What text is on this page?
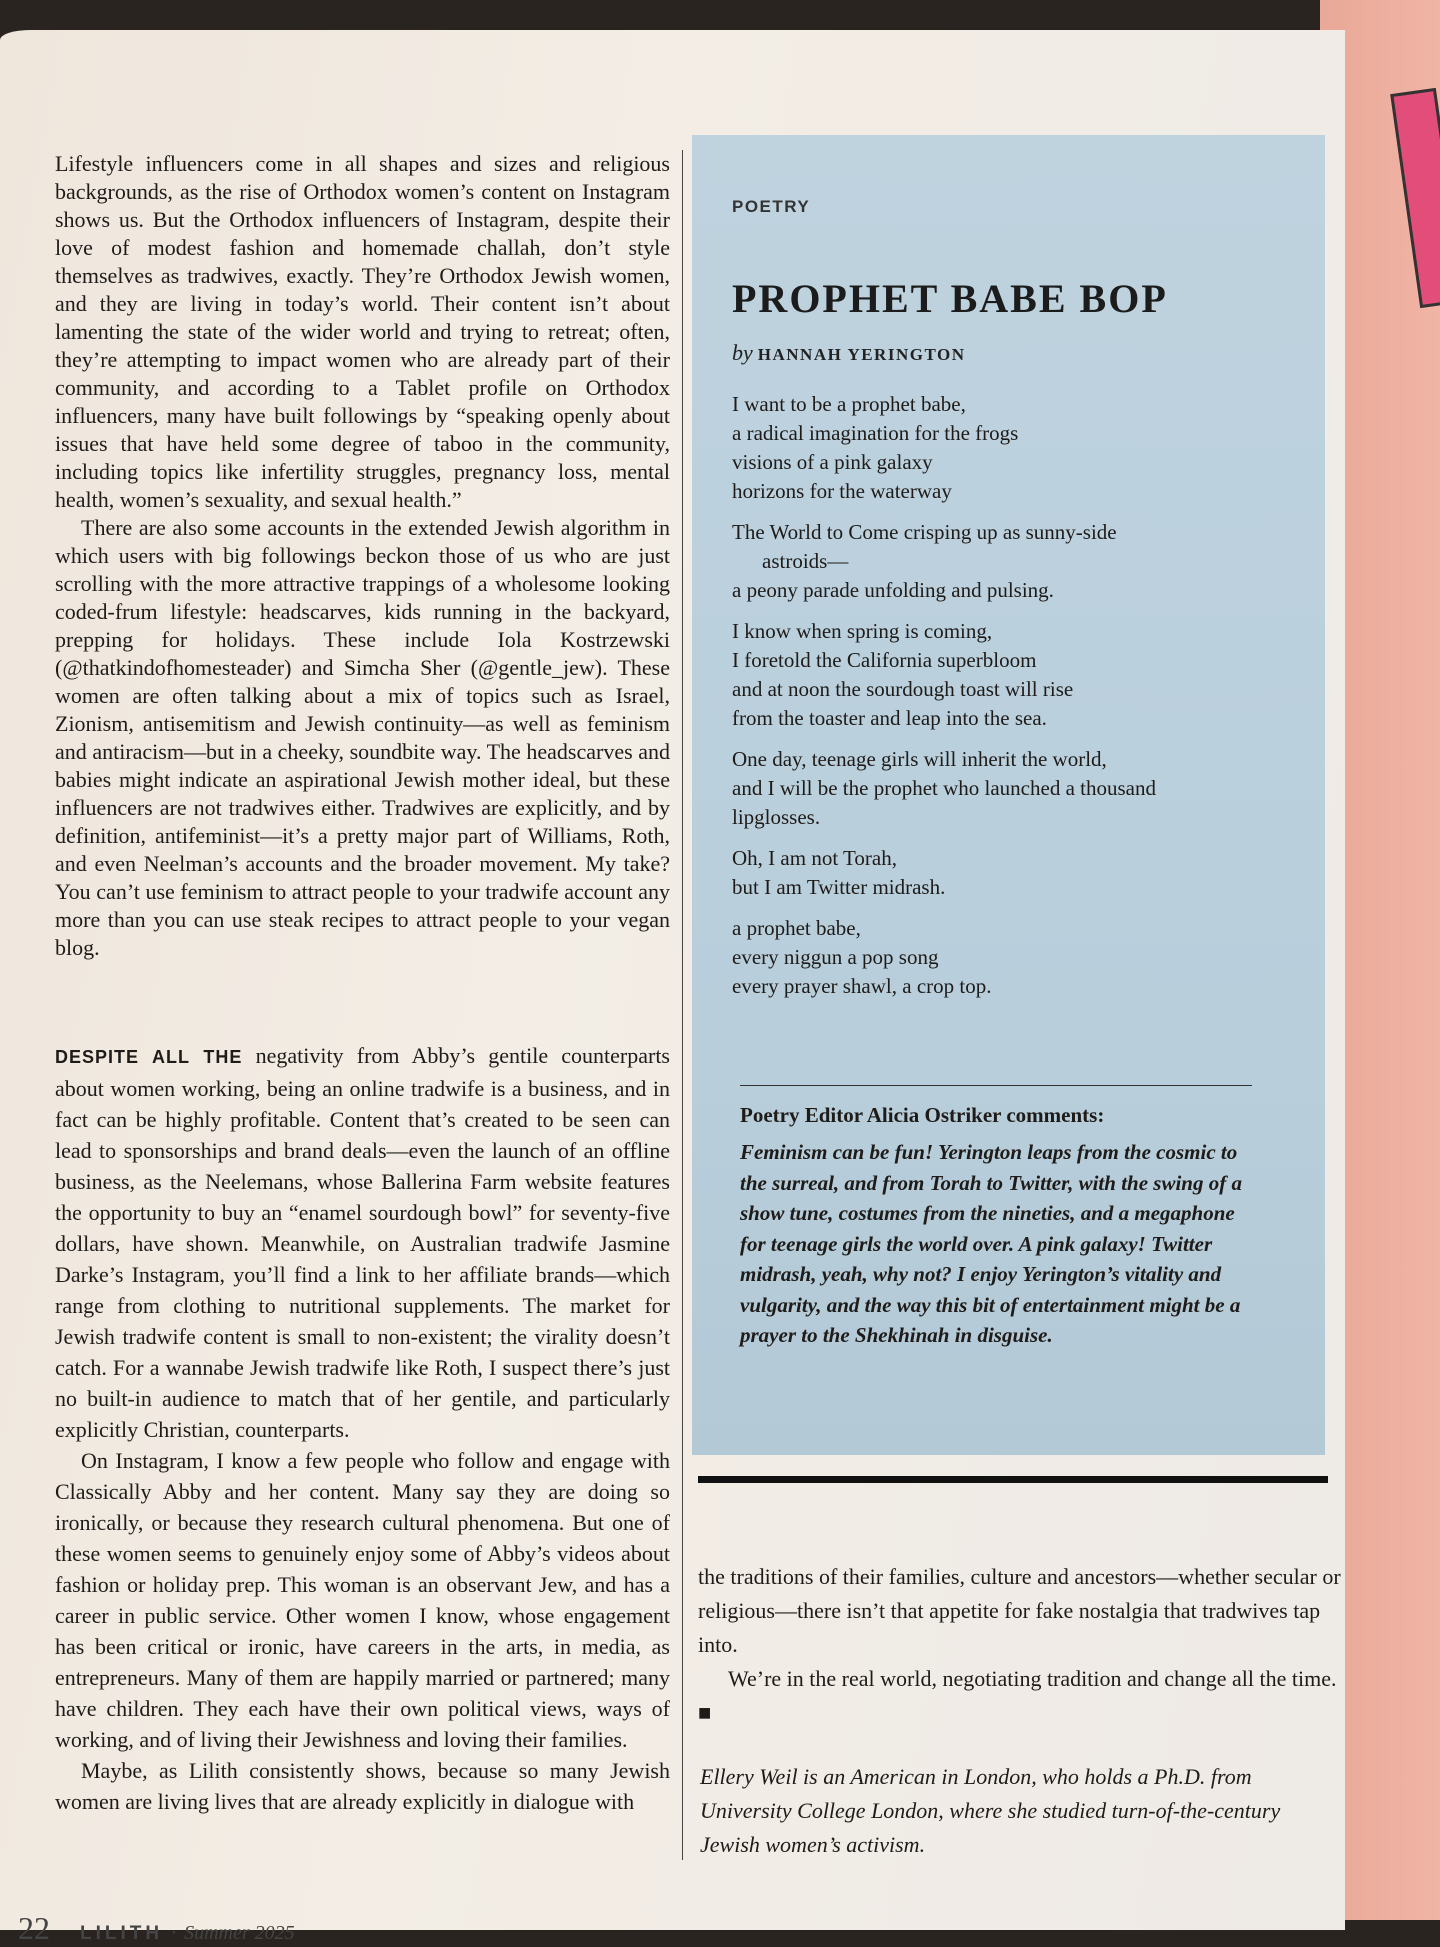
Lifestyle influencers come in all shapes and sizes and religious backgrounds, as the rise of Orthodox women’s content on Instagram shows us. But the Orthodox influencers of Instagram, despite their love of modest fashion and homemade challah, don’t style themselves as tradwives, exactly. They’re Orthodox Jewish women, and they are living in today’s world. Their content isn’t about lamenting the state of the wider world and trying to retreat; often, they’re attempting to impact women who are already part of their community, and according to a Tablet profile on Orthodox influencers, many have built followings by “speaking openly about issues that have held some degree of taboo in the community, including topics like infertility struggles, pregnancy loss, mental health, women’s sexuality, and sexual health.”

There are also some accounts in the extended Jewish algorithm in which users with big followings beckon those of us who are just scrolling with the more attractive trappings of a wholesome looking coded-frum lifestyle: headscarves, kids running in the backyard, prepping for holidays. These include Iola Kostrzewski (@thatkindofhomesteader) and Simcha Sher (@gentle_jew). These women are often talking about a mix of topics such as Israel, Zionism, antisemitism and Jewish continuity—as well as feminism and antiracism—but in a cheeky, soundbite way. The headscarves and babies might indicate an aspirational Jewish mother ideal, but these influencers are not tradwives either. Tradwives are explicitly, and by definition, antifeminist—it’s a pretty major part of Williams, Roth, and even Neelman’s accounts and the broader movement. My take? You can’t use feminism to attract people to your tradwife account any more than you can use steak recipes to attract people to your vegan blog.

DESPITE ALL THE negativity from Abby’s gentile counterparts about women working, being an online tradwife is a business, and in fact can be highly profitable. Content that’s created to be seen can lead to sponsorships and brand deals—even the launch of an offline business, as the Neelemans, whose Ballerina Farm website features the opportunity to buy an “enamel sourdough bowl” for seventy-five dollars, have shown. Meanwhile, on Australian tradwife Jasmine Darke’s Instagram, you’ll find a link to her affiliate brands—which range from clothing to nutritional supplements. The market for Jewish tradwife content is small to non-existent; the virality doesn’t catch. For a wannabe Jewish tradwife like Roth, I suspect there’s just no built-in audience to match that of her gentile, and particularly explicitly Christian, counterparts.

On Instagram, I know a few people who follow and engage with Classically Abby and her content. Many say they are doing so ironically, or because they research cultural phenomena. But one of these women seems to genuinely enjoy some of Abby’s videos about fashion or holiday prep. This woman is an observant Jew, and has a career in public service. Other women I know, whose engagement has been critical or ironic, have careers in the arts, in media, as entrepreneurs. Many of them are happily married or partnered; many have children. They each have their own political views, ways of working, and of living their Jewishness and loving their families.

Maybe, as Lilith consistently shows, because so many Jewish women are living lives that are already explicitly in dialogue with

POETRY
PROPHET BABE BOP
by HANNAH YERINGTON
I want to be a prophet babe,
a radical imagination for the frogs
visions of a pink galaxy
horizons for the waterway
The World to Come crisping up as sunny-side
astroids—
a peony parade unfolding and pulsing.
I know when spring is coming,
I foretold the California superbloom
and at noon the sourdough toast will rise
from the toaster and leap into the sea.
One day, teenage girls will inherit the world,
and I will be the prophet who launched a thousand
lipglosses.
Oh, I am not Torah,
but I am Twitter midrash.
a prophet babe,
every niggun a pop song
every prayer shawl, a crop top.
Poetry Editor Alicia Ostriker comments:
Feminism can be fun! Yerington leaps from the cosmic to the surreal, and from Torah to Twitter, with the swing of a show tune, costumes from the nineties, and a megaphone for teenage girls the world over. A pink galaxy! Twitter midrash, yeah, why not? I enjoy Yerington’s vitality and vulgarity, and the way this bit of entertainment might be a prayer to the Shekhinah in disguise.

the traditions of their families, culture and ancestors—whether secular or religious—there isn’t that appetite for fake nostalgia that tradwives tap into.

We’re in the real world, negotiating tradition and change all the time. ■

Ellery Weil is an American in London, who holds a Ph.D. from University College London, where she studied turn-of-the-century Jewish women’s activism.
22 LILITH · Summer 2025
